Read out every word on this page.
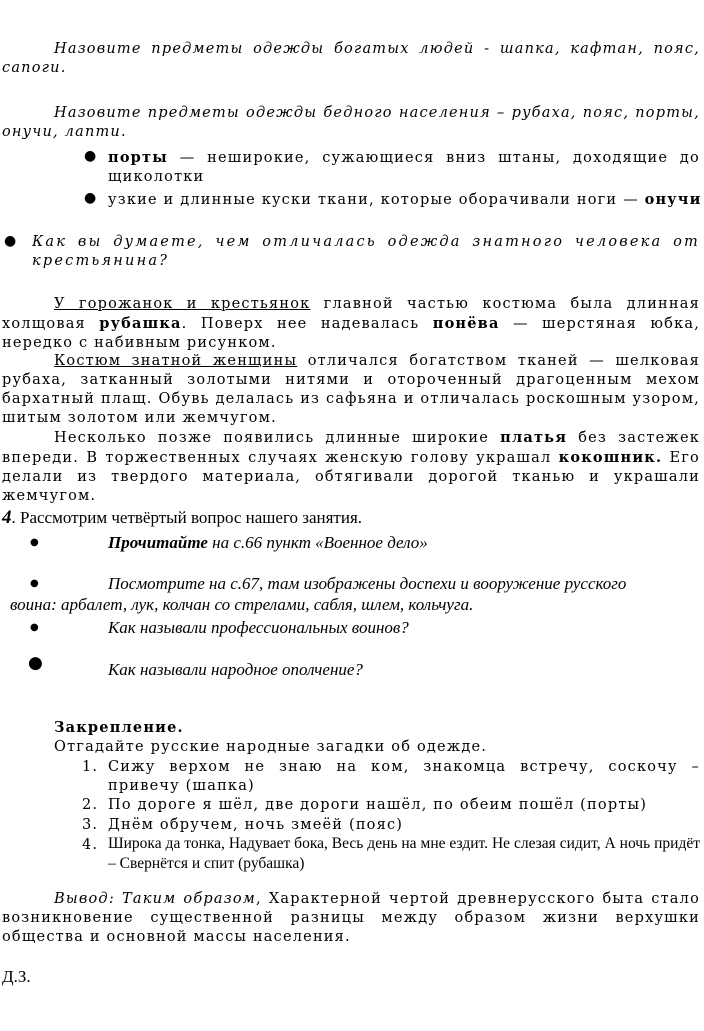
Назовите предметы одежды богатых людей - шапка, кафтан, пояс, сапоги.
Назовите предметы одежды бедного населения – рубаха, пояс, порты, онучи, лапти.
● порты — неширокие, сужающиеся вниз штаны, доходящие до щиколотки
● узкие и длинные куски ткани, которые оборачивали ноги — онучи
● Как вы думаете, чем отличалась одежда знатного человека от крестьянина?
У горожанок и крестьянок главной частью костюма была длинная холщовая рубашка. Поверх нее надевалась понёва — шерстяная юбка, нередко с набивным рисунком.
Костюм знатной женщины отличался богатством тканей — шелковая рубаха, затканный золотыми нитями и отороченный драгоценным мехом бархатный плащ. Обувь делалась из сафьяна и отличалась роскошным узором, шитым золотом или жемчугом.
Несколько позже появились длинные широкие платья без застежек впереди. В торжественных случаях женскую голову украшал кокошник. Его делали из твердого материала, обтягивали дорогой тканью и украшали жемчугом.
4. Рассмотрим четвёртый вопрос нашего занятия.
●	Прочитайте на с.66 пункт «Военное дело»
●	Посмотрите на с.67, там изображены доспехи и вооружение русского
воина: арбалет, лук, колчан со стрелами, сабля, шлем, кольчуга.
●	Как называли профессиональных воинов?
●	Как называли народное ополчение?
Закрепление.
Отгадайте русские народные загадки об одежде.
1. Сижу верхом не знаю на ком, знакомца встречу, соскочу – привечу (шапка)
2. По дороге я шёл, две дороги нашёл, по обеим пошёл (порты)
3. Днём обручем, ночь змеёй (пояс)
4. Широка да тонка, Надувает бока, Весь день на мне ездит. Не слезая сидит, А ночь придёт – Свернётся и спит (рубашка)
Вывод: Таким образом, Характерной чертой древнерусского быта стало возникновение существенной разницы между образом жизни верхушки общества и основной массы населения.
Д.З.
